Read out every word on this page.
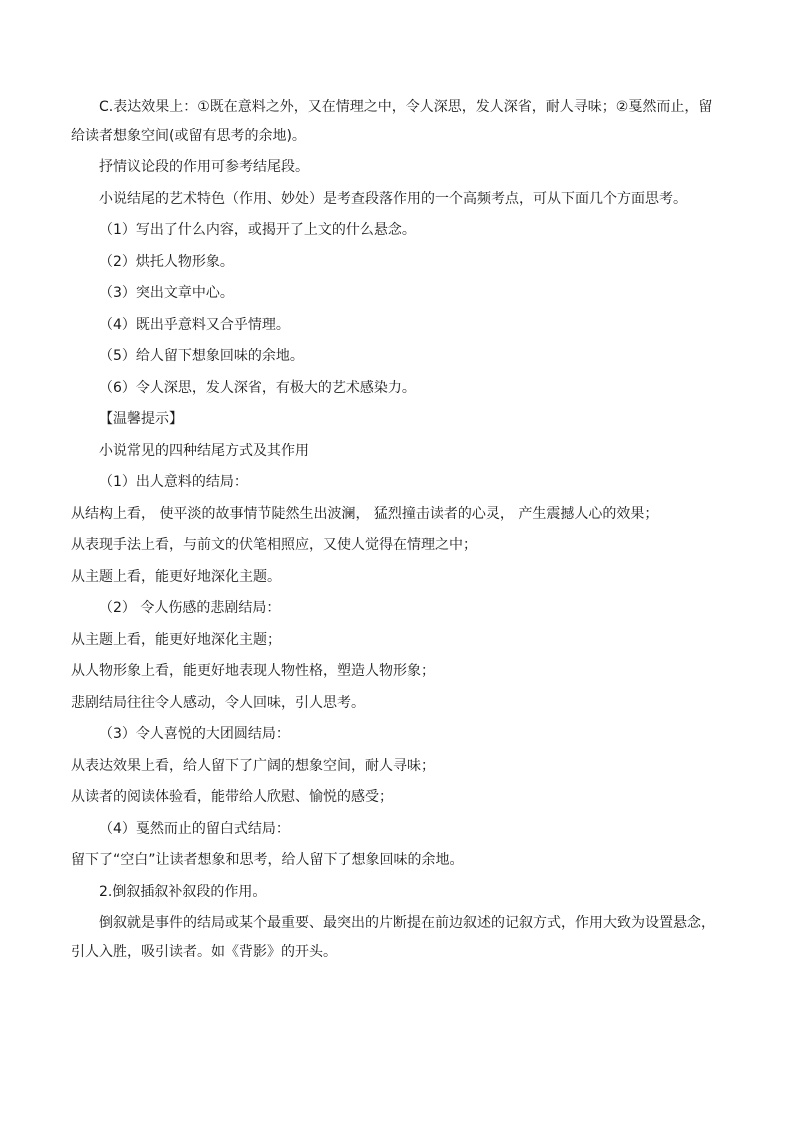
C.表达效果上：①既在意料之外，又在情理之中，令人深思，发人深省，耐人寻味；②戛然而止，留
给读者想象空间(或留有思考的余地)。
抒情议论段的作用可参考结尾段。
小说结尾的艺术特色（作用、妙处）是考查段落作用的一个高频考点，可从下面几个方面思考。
（1）写出了什么内容，或揭开了上文的什么悬念。
（2）烘托人物形象。
（3）突出文章中心。
（4）既出乎意料又合乎情理。
（5）给人留下想象回味的余地。
（6）令人深思，发人深省，有极大的艺术感染力。
【温馨提示】
小说常见的四种结尾方式及其作用
（1）出人意料的结局：
从结构上看， 使平淡的故事情节陡然生出波澜， 猛烈撞击读者的心灵， 产生震撼人心的效果；
从表现手法上看，与前文的伏笔相照应，又使人觉得在情理之中；
从主题上看，能更好地深化主题。
（2） 令人伤感的悲剧结局：
从主题上看，能更好地深化主题；
从人物形象上看，能更好地表现人物性格，塑造人物形象；
悲剧结局往往令人感动，令人回味，引人思考。
（3）令人喜悦的大团圆结局：
从表达效果上看，给人留下了广阔的想象空间，耐人寻味；
从读者的阅读体验看，能带给人欣慰、愉悦的感受；
（4）戛然而止的留白式结局：
留下了“空白”让读者想象和思考，给人留下了想象回味的余地。
2.倒叙插叙补叙段的作用。
倒叙就是事件的结局或某个最重要、最突出的片断提在前边叙述的记叙方式，作用大致为设置悬念，
引人入胜，吸引读者。如《背影》的开头。
